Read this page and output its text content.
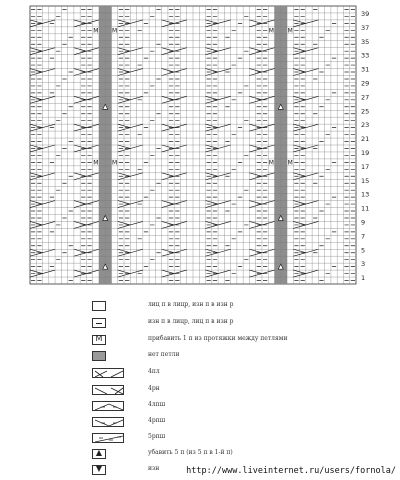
M M	M M
M M	M M
39
37
35
33
31
29
27
25
23
21
19
17
15
13
11
9
7
5
3
1
лиц п в лицр, изн п в изн р
изн п в лицр, лиц п в изн р
M	прибавить 1 п из протяжки между петлями
нет петли
4пл
4рн
4лпш
4рпш
5рпш
▲	убавить 5 п (из 5 п в 1-й п)
▼	изн	http://www.liveinternet.ru/users/fornola/
